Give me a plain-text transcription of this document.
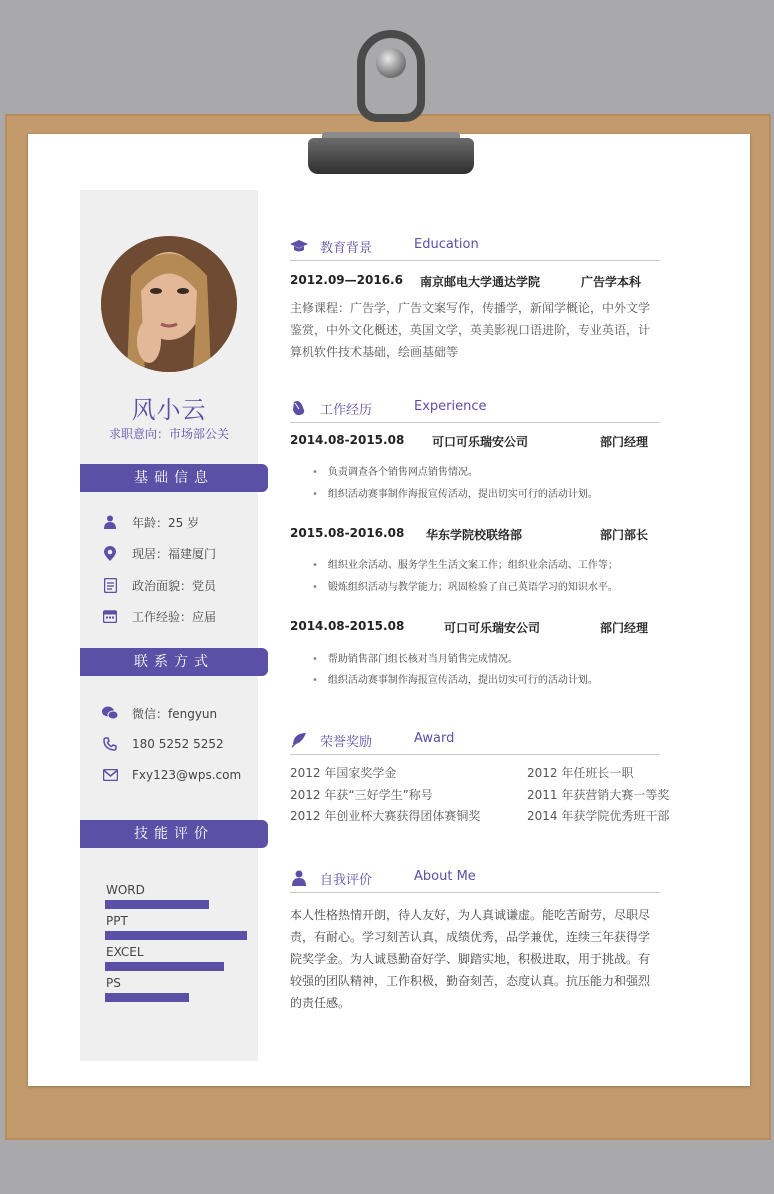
风小云
求职意向：市场部公关
基础信息
年龄：25 岁
现居：福建厦门
政治面貌：党员
工作经验：应届
联系方式
微信：fengyun
180 5252 5252
Fxy123@wps.com
技能评价
WORD
PPT
EXCEL
PS
教育背景	Education
2012.09—2016.6 南京邮电大学通达学院	广告学本科
主修课程：广告学，广告文案写作，传播学，新闻学概论，中外文学鉴赏，中外文化概述，英国文学，英美影视口语进阶，专业英语，计算机软件技术基础，绘画基础等
工作经历	Experience
2014.08-2015.08 可口可乐瑞安公司	部门经理
• 负责调查各个销售网点销售情况。
• 组织活动赛事制作海报宣传活动，提出切实可行的活动计划。
2015.08-2016.08 华东学院校联络部	部门部长
• 组织业余活动、服务学生生活文案工作；组织业余活动、工作等；
• 锻炼组织活动与教学能力；巩固检验了自己英语学习的知识水平。
2014.08-2015.08	可口可乐瑞安公司	部门经理
• 帮助销售部门组长核对当月销售完成情况。
• 组织活动赛事制作海报宣传活动，提出切实可行的活动计划。
荣誉奖励	Award
2012 年国家奖学金	2012 年任班长一职
2012 年获“三好学生”称号	2011 年获营销大赛一等奖
2012 年创业杯大赛获得团体赛铜奖	2014 年获学院优秀班干部
自我评价	About Me
本人性格热情开朗，待人友好，为人真诚谦虚。能吃苦耐劳，尽职尽责，有耐心。学习刻苦认真，成绩优秀，品学兼优，连续三年获得学院奖学金。为人诚恳勤奋好学、脚踏实地，积极进取，用于挑战。有较强的团队精神，工作积极，勤奋刻苦，态度认真。抗压能力和强烈的责任感。
